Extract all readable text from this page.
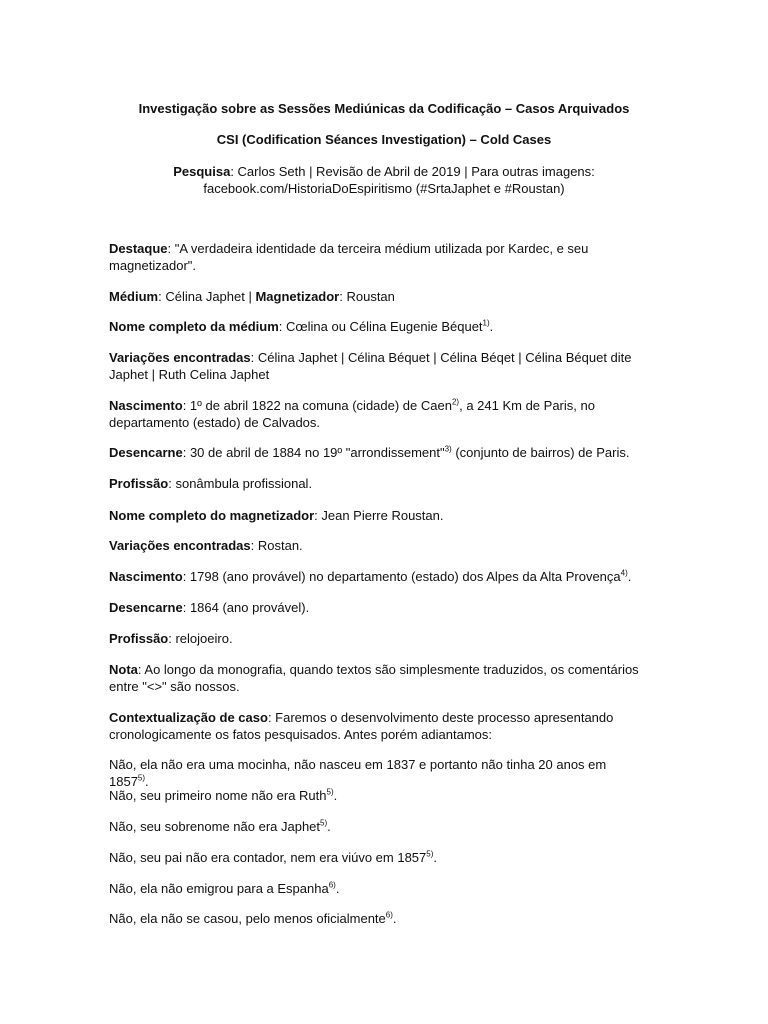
Investigação sobre as Sessões Mediúnicas da Codificação – Casos Arquivados
CSI (Codification Séances Investigation) – Cold Cases
Pesquisa: Carlos Seth | Revisão de Abril de 2019 | Para outras imagens:
facebook.com/HistoriaDoEspiritismo (#SrtaJaphet e #Roustan)
Destaque: "A verdadeira identidade da terceira médium utilizada por Kardec, e seu magnetizador".
Médium: Célina Japhet | Magnetizador: Roustan
Nome completo da médium: Cœlina ou Célina Eugenie Béquet$^{1)}$.
Variações encontradas: Célina Japhet | Célina Béquet | Célina Béqet | Célina Béquet dite Japhet | Ruth Celina Japhet
Nascimento: 1º de abril 1822 na comuna (cidade) de Caen$^{2)}$, a 241 Km de Paris, no departamento (estado) de Calvados.
Desencarne: 30 de abril de 1884 no 19º "arrondissement"$^{3)}$ (conjunto de bairros) de Paris.
Profissão: sonâmbula profissional.
Nome completo do magnetizador: Jean Pierre Roustan.
Variações encontradas: Rostan.
Nascimento: 1798 (ano provável) no departamento (estado) dos Alpes da Alta Provença$^{4)}$.
Desencarne: 1864 (ano provável).
Profissão: relojoeiro.
Nota: Ao longo da monografia, quando textos são simplesmente traduzidos, os comentários entre "<>" são nossos.
Contextualização de caso: Faremos o desenvolvimento deste processo apresentando cronologicamente os fatos pesquisados. Antes porém adiantamos:
Não, ela não era uma mocinha, não nasceu em 1837 e portanto não tinha 20 anos em 1857$^{5)}$.
Não, seu primeiro nome não era Ruth$^{5)}$.
Não, seu sobrenome não era Japhet$^{5)}$.
Não, seu pai não era contador, nem era viúvo em 1857$^{5)}$.
Não, ela não emigrou para a Espanha$^{6)}$.
Não, ela não se casou, pelo menos oficialmente$^{6)}$.
